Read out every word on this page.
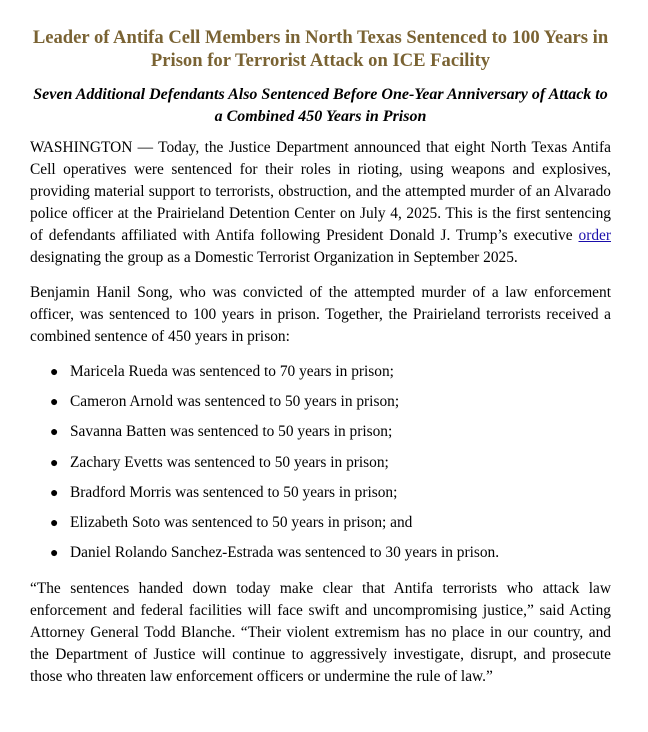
Leader of Antifa Cell Members in North Texas Sentenced to 100 Years in Prison for Terrorist Attack on ICE Facility
Seven Additional Defendants Also Sentenced Before One-Year Anniversary of Attack to a Combined 450 Years in Prison

WASHINGTON — Today, the Justice Department announced that eight North Texas Antifa Cell operatives were sentenced for their roles in rioting, using weapons and explosives, providing material support to terrorists, obstruction, and the attempted murder of an Alvarado police officer at the Prairieland Detention Center on July 4, 2025. This is the first sentencing of defendants affiliated with Antifa following President Donald J. Trump’s executive order designating the group as a Domestic Terrorist Organization in September 2025.

Benjamin Hanil Song, who was convicted of the attempted murder of a law enforcement officer, was sentenced to 100 years in prison. Together, the Prairieland terrorists received a combined sentence of 450 years in prison:

● Maricela Rueda was sentenced to 70 years in prison;
● Cameron Arnold was sentenced to 50 years in prison;
● Savanna Batten was sentenced to 50 years in prison;
● Zachary Evetts was sentenced to 50 years in prison;
● Bradford Morris was sentenced to 50 years in prison;
● Elizabeth Soto was sentenced to 50 years in prison; and
● Daniel Rolando Sanchez-Estrada was sentenced to 30 years in prison.

“The sentences handed down today make clear that Antifa terrorists who attack law enforcement and federal facilities will face swift and uncompromising justice,” said Acting Attorney General Todd Blanche. “Their violent extremism has no place in our country, and the Department of Justice will continue to aggressively investigate, disrupt, and prosecute those who threaten law enforcement officers or undermine the rule of law.”
